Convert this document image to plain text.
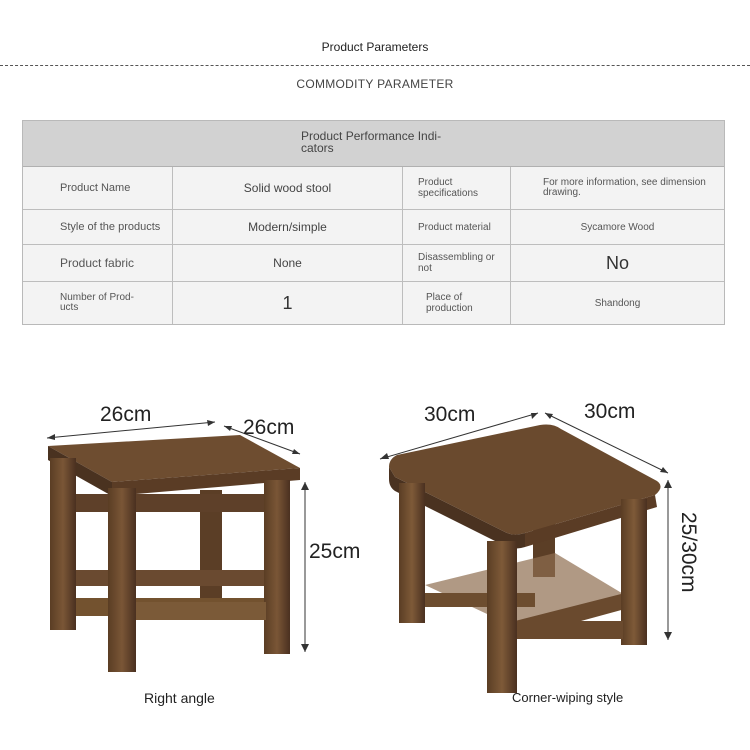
Product Parameters
COMMODITY PARAMETER
Product Performance Indi-
cators
Product Name	Solid wood stool	Product specifications
For more information, see dimension
drawing.
Style of the products	Modern/simple	Product material	Sycamore Wood
Product fabric	None	Disassembling or not	No
Number of Prod-
ucts	1	Place of production	Shandong
26cm
26cm
25cm
Right angle
30cm	30cm
25/30cm
Corner-wiping style
